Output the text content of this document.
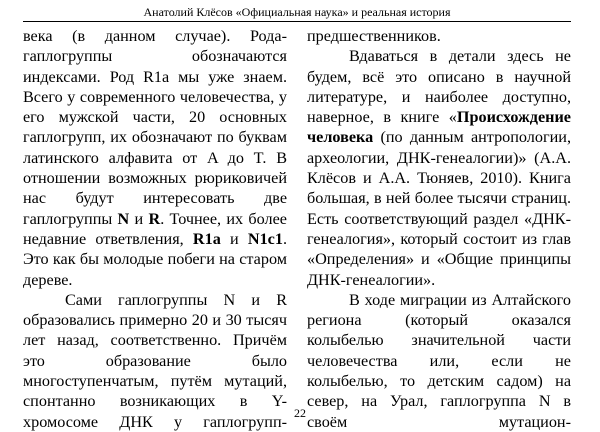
Анатолий Клёсов «Официальная наука» и реальная история

века (в данном случае). Рода-гаплогруппы обозначаются индексами. Род R1a мы уже знаем. Всего у современного человечества, у его мужской части, 20 основных гаплогрупп, их обозначают по буквам латинского алфавита от A до T. В отношении возможных рюриковичей нас будут интересовать две гаплогруппы N и R. Точнее, их более недавние ответвления, R1a и N1c1. Это как бы молодые побеги на старом дереве.

Сами гаплогруппы N и R образовались примерно 20 и 30 тысяч лет назад, соответственно. Причём это образование было многоступенчатым, путём мутаций, спонтанно возникающих в Y-хромосоме ДНК у гаплогрупп-

предшественников.

Вдаваться в детали здесь не будем, всё это описано в научной литературе, и наиболее доступно, наверное, в книге «Происхождение человека (по данным антропологии, археологии, ДНК-генеалогии)» (А.А. Клёсов и А.А. Тюняев, 2010). Книга большая, в ней более тысячи страниц. Есть соответствующий раздел «ДНК-генеалогия», который состоит из глав «Определения» и «Общие принципы ДНК-генеалогии».

В ходе миграции из Алтайского региона (который оказался колыбелью значительной части человечества или, если не колыбелью, то детским садом) на север, на Урал, гаплогруппа N в своём мутацион-

22
